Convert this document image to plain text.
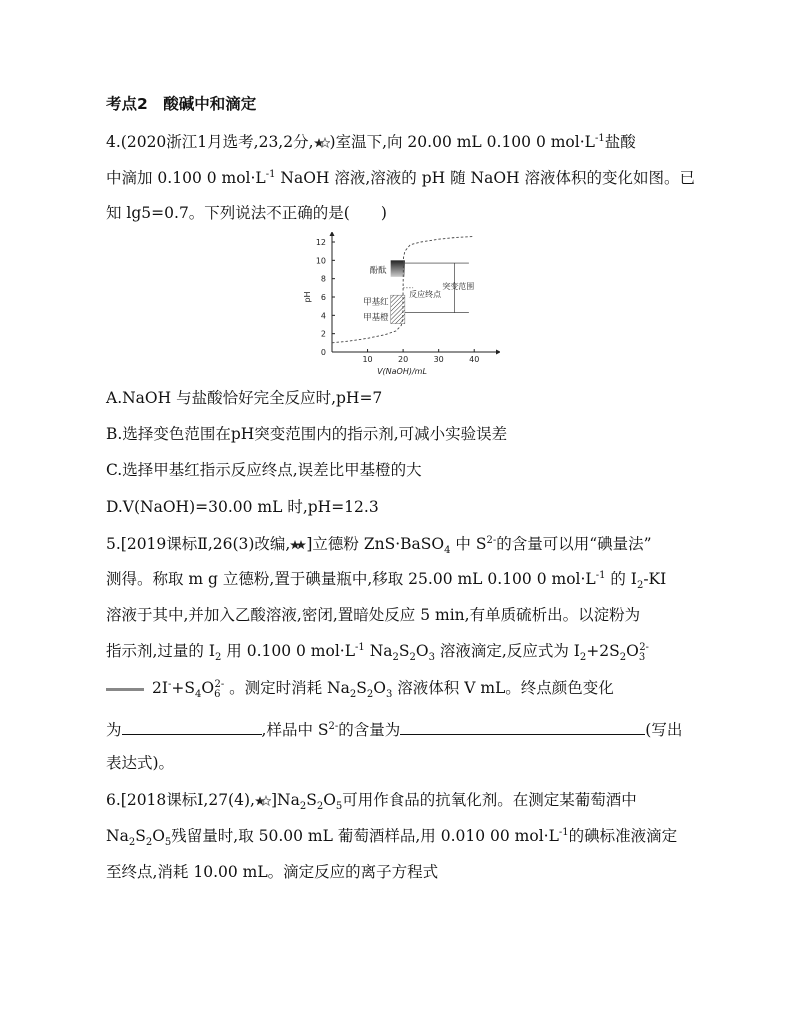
考点2　酸碱中和滴定
4.(2020浙江1月选考,23,2分, )室温下,向 20.00 mL 0.100 0 $mol\cdot L^{-1}$盐酸
中滴加 0.100 0 $mol\cdot L^{-1}$ NaOH 溶液,溶液的 pH 随 NaOH 溶液体积的变化如图。已
知 lg5=0.7。下列说法不正确的是(　　)
0
2
4
6
8
10
12
10	20	30	40
V(NaOH)/mL
pH	反应终点
突变范围
酚酞
甲基红
甲基橙
A.NaOH 与盐酸恰好完全反应时,pH=7
B.选择变色范围在pH突变范围内的指示剂,可减小实验误差
C.选择甲基红指示反应终点,误差比甲基橙的大
D.V(NaOH)=30.00 mL 时,pH=12.3
5.[2019课标Ⅱ,26(3)改编, ]立德粉 ZnS·BaSO$_4$ 中 $S^{2-}$的含量可以用“碘量法”
测得。称取 m g 立德粉,置于碘量瓶中,移取 25.00 mL 0.100 0 $mol\cdot L^{-1}$ 的 $I_2-KI$
溶液于其中,并加入乙酸溶液,密闭,置暗处反应 5 min,有单质硫析出。以淀粉为
指示剂,过量的 $I_2$ 用 0.100 0 $mol\cdot L^{-1}$ $Na_2S_2O_3$ 溶液滴定,反应式为 $I_2+2S_2O_3^{2-}$
$2I^-+S_4O_6^{2-}$ 。测定时消耗 $Na_2S_2O_3$ 溶液体积 V mL。终点颜色变化
为	,样品中 $S^{2-}$的含量为	(写出
表达式)。
6.[2018课标Ⅰ,27(4), ]$Na_2S_2O_5$可用作食品的抗氧化剂。在测定某葡萄酒中
$Na_2S_2O_5$残留量时,取 50.00 mL 葡萄酒样品,用 0.010 00 $mol\cdot L^{-1}$的碘标准液滴定
至终点,消耗 10.00 mL。滴定反应的离子方程式
